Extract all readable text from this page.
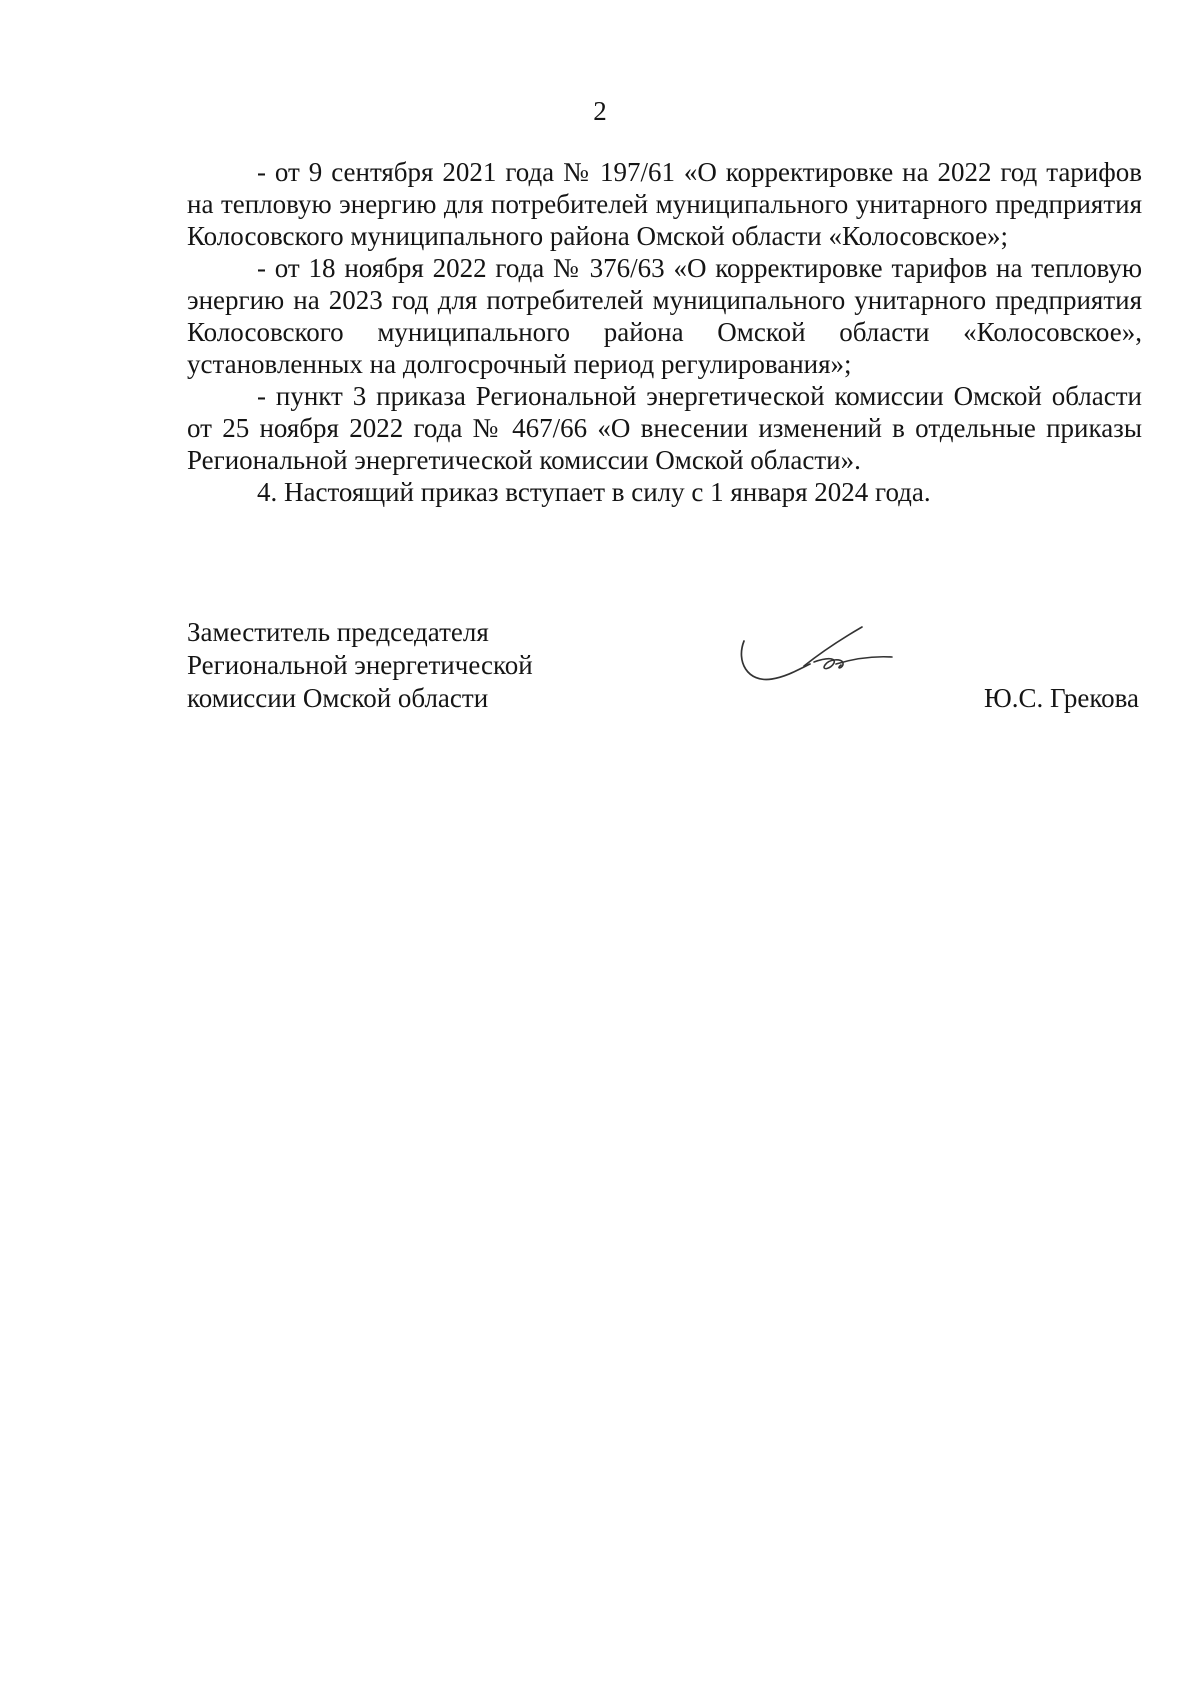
2

- от 9 сентября 2021 года № 197/61 «О корректировке на 2022 год тарифов на тепловую энергию для потребителей муниципального унитарного предприятия Колосовского муниципального района Омской области «Колосовское»;

- от 18 ноября 2022 года № 376/63 «О корректировке тарифов на тепловую энергию на 2023 год для потребителей муниципального унитарного предприятия Колосовского муниципального района Омской области «Колосовское», установленных на долгосрочный период регулирования»;

- пункт 3 приказа Региональной энергетической комиссии Омской области от 25 ноября 2022 года № 467/66 «О внесении изменений в отдельные приказы Региональной энергетической комиссии Омской области».

4. Настоящий приказ вступает в силу с 1 января 2024 года.

Заместитель председателя
Региональной энергетической
комиссии Омской области	Ю.С. Грекова
